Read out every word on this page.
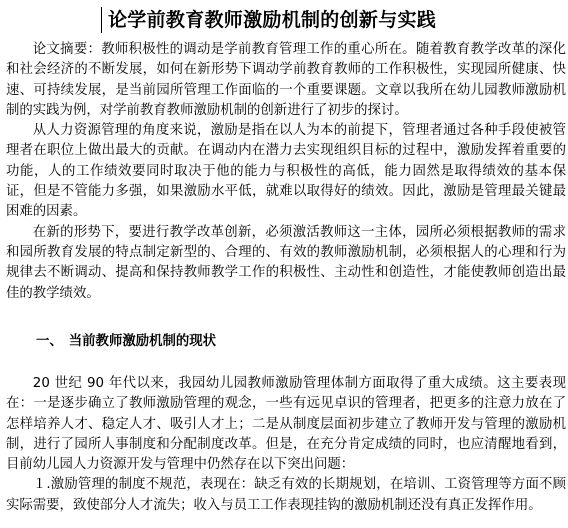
论学前教育教师激励机制的创新与实践

论文摘要：教师积极性的调动是学前教育管理工作的重心所在。随着教育教学改革的深化和社会经济的不断发展，如何在新形势下调动学前教育教师的工作积极性，实现园所健康、快速、可持续发展，是当前园所管理工作面临的一个重要课题。文章以我所在幼儿园教师激励机制的实践为例，对学前教育教师激励机制的创新进行了初步的探讨。

从人力资源管理的角度来说，激励是指在以人为本的前提下，管理者通过各种手段使被管理者在职位上做出最大的贡献。在调动内在潜力去实现组织目标的过程中，激励发挥着重要的功能，人的工作绩效要同时取决于他的能力与积极性的高低，能力固然是取得绩效的基本保证，但是不管能力多强，如果激励水平低，就难以取得好的绩效。因此，激励是管理最关键最困难的因素。

在新的形势下，要进行教学改革创新，必须激活教师这一主体，园所必须根据教师的需求和园所教育发展的特点制定新型的、合理的、有效的教师激励机制，必须根据人的心理和行为规律去不断调动、提高和保持教师教学工作的积极性、主动性和创造性，才能使教师创造出最佳的教学绩效。

一、 当前教师激励机制的现状

20 世纪 90 年代以来，我园幼儿园教师激励管理体制方面取得了重大成绩。这主要表现在：一是逐步确立了教师激励管理的观念，一些有远见卓识的管理者，把更多的注意力放在了怎样培养人才、稳定人才、吸引人才上；二是从制度层面初步建立了教师开发与管理的激励机制，进行了园所人事制度和分配制度改革。但是，在充分肯定成绩的同时，也应清醒地看到，目前幼儿园人力资源开发与管理中仍然存在以下突出问题：

１.激励管理的制度不规范，表现在：缺乏有效的长期规划，在培训、工资管理等方面不顾实际需要，致使部分人才流失；收入与员工工作表现挂钩的激励机制还没有真正发挥作用。
